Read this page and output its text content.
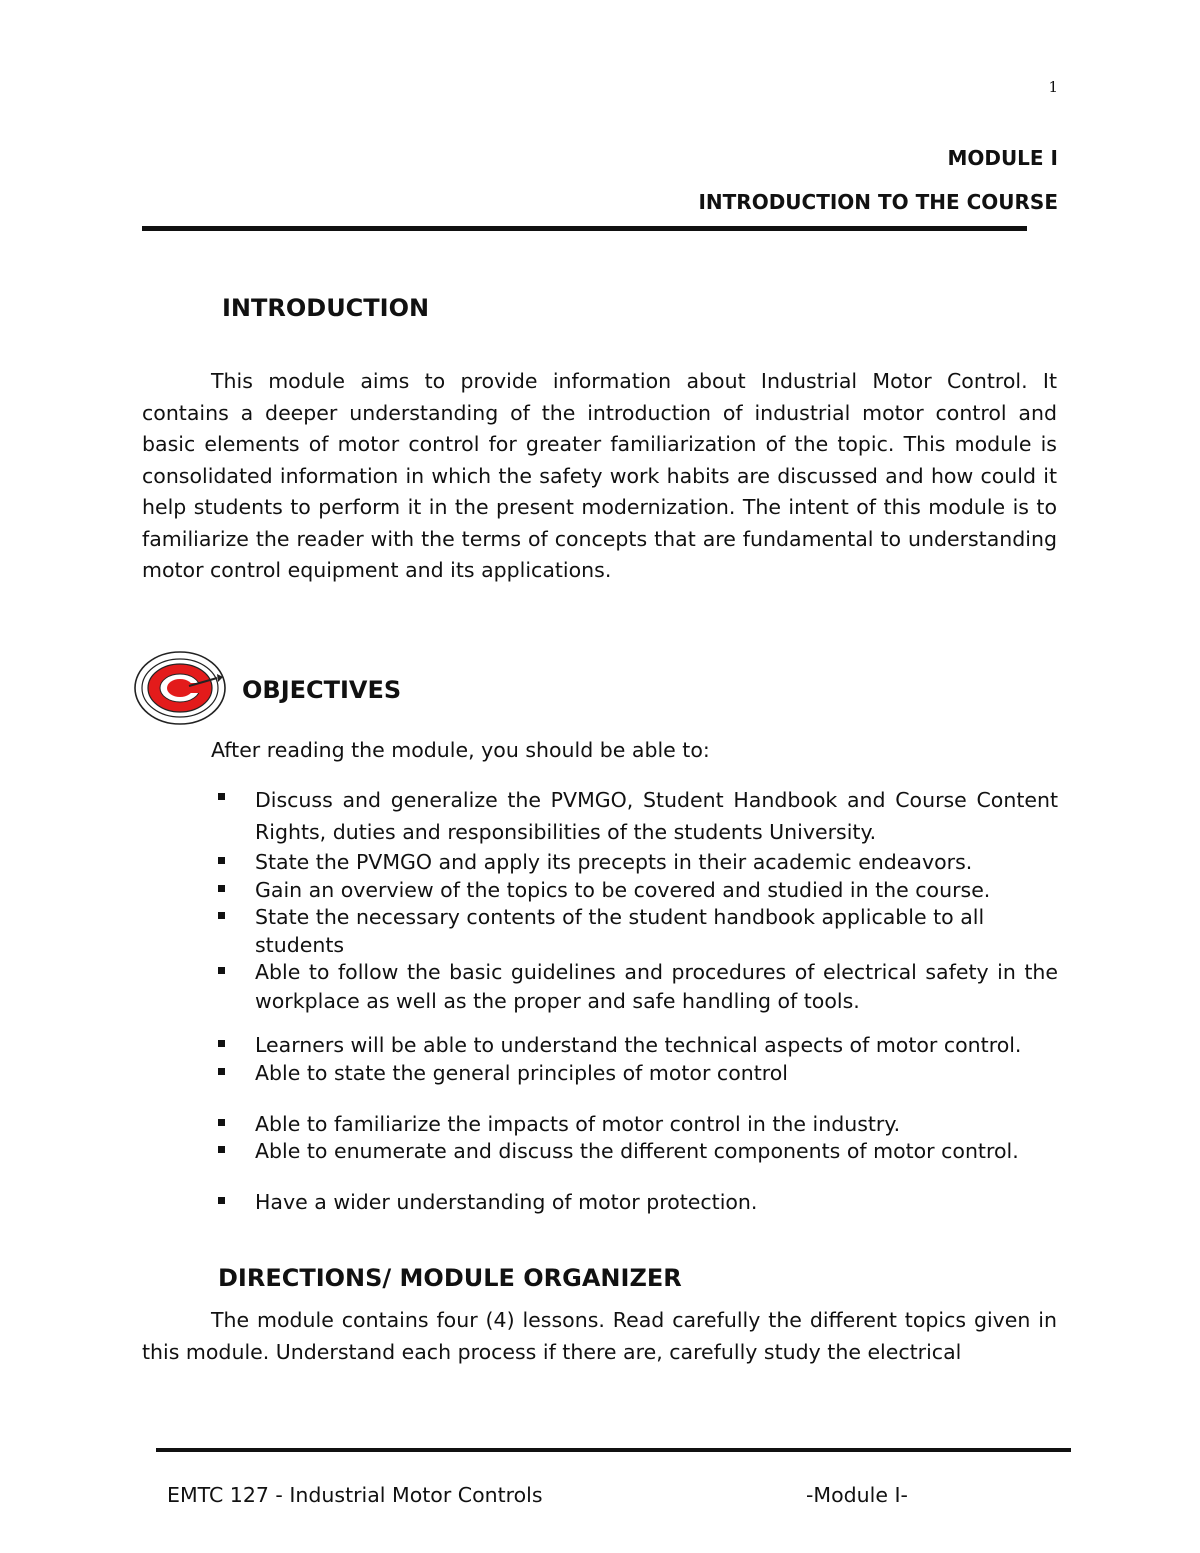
1
MODULE I
INTRODUCTION TO THE COURSE
INTRODUCTION
This module aims to provide information about Industrial Motor Control. It contains a deeper understanding of the introduction of industrial motor control and basic elements of motor control for greater familiarization of the topic. This module is consolidated information in which the safety work habits are discussed and how could it help students to perform it in the present modernization. The intent of this module is to familiarize the reader with the terms of concepts that are fundamental to understanding motor control equipment and its applications.
OBJECTIVES
After reading the module, you should be able to:
Discuss and generalize the PVMGO, Student Handbook and Course Content Rights, duties and responsibilities of the students University.
State the PVMGO and apply its precepts in their academic endeavors.
Gain an overview of the topics to be covered and studied in the course.
State the necessary contents of the student handbook applicable to all students
Able to follow the basic guidelines and procedures of electrical safety in the workplace as well as the proper and safe handling of tools.
Learners will be able to understand the technical aspects of motor control.
Able to state the general principles of motor control
Able to familiarize the impacts of motor control in the industry.
Able to enumerate and discuss the different components of motor control.
Have a wider understanding of motor protection.
DIRECTIONS/ MODULE ORGANIZER
The module contains four (4) lessons. Read carefully the different topics given in this module. Understand each process if there are, carefully study the electrical
EMTC 127 - Industrial Motor Controls	-Module I-
